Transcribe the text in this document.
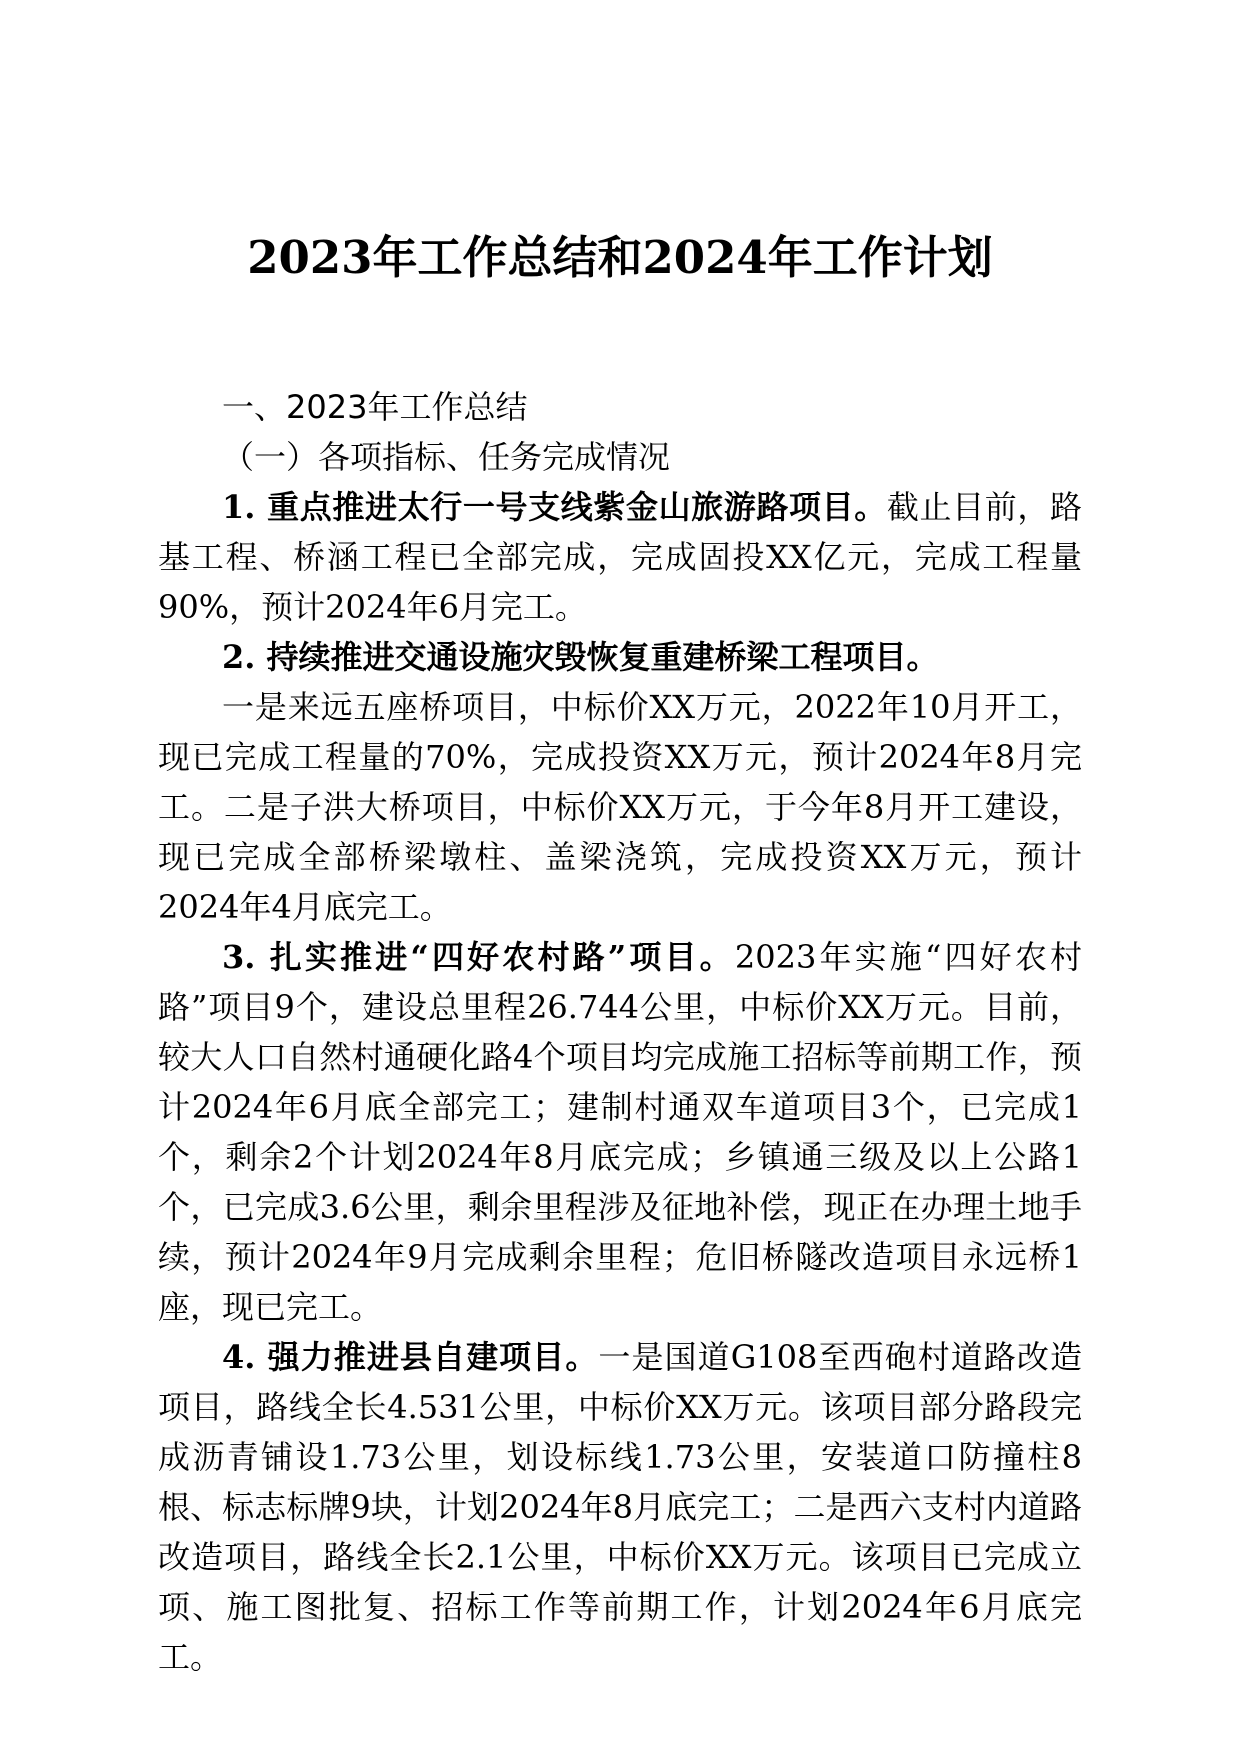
2023年工作总结和2024年工作计划

一、2023年工作总结

（一）各项指标、任务完成情况

1. 重点推进太行一号支线紫金山旅游路项目。截止目前，路基工程、桥涵工程已全部完成，完成固投XX亿元，完成工程量90%，预计2024年6月完工。

2. 持续推进交通设施灾毁恢复重建桥梁工程项目。

一是来远五座桥项目，中标价XX万元，2022年10月开工，现已完成工程量的70%，完成投资XX万元，预计2024年8月完工。二是子洪大桥项目，中标价XX万元，于今年8月开工建设，现已完成全部桥梁墩柱、盖梁浇筑，完成投资XX万元，预计2024年4月底完工。

3. 扎实推进“四好农村路”项目。2023年实施“四好农村路”项目9个，建设总里程26.744公里，中标价XX万元。目前，较大人口自然村通硬化路4个项目均完成施工招标等前期工作，预计2024年6月底全部完工；建制村通双车道项目3个，已完成1个，剩余2个计划2024年8月底完成；乡镇通三级及以上公路1个，已完成3.6公里，剩余里程涉及征地补偿，现正在办理土地手续，预计2024年9月完成剩余里程；危旧桥隧改造项目永远桥1座，现已完工。

4. 强力推进县自建项目。一是国道G108至西砲村道路改造项目，路线全长4.531公里，中标价XX万元。该项目部分路段完成沥青铺设1.73公里，划设标线1.73公里，安装道口防撞柱8根、标志标牌9块，计划2024年8月底完工；二是西六支村内道路改造项目，路线全长2.1公里，中标价XX万元。该项目已完成立项、施工图批复、招标工作等前期工作，计划2024年6月底完工。
